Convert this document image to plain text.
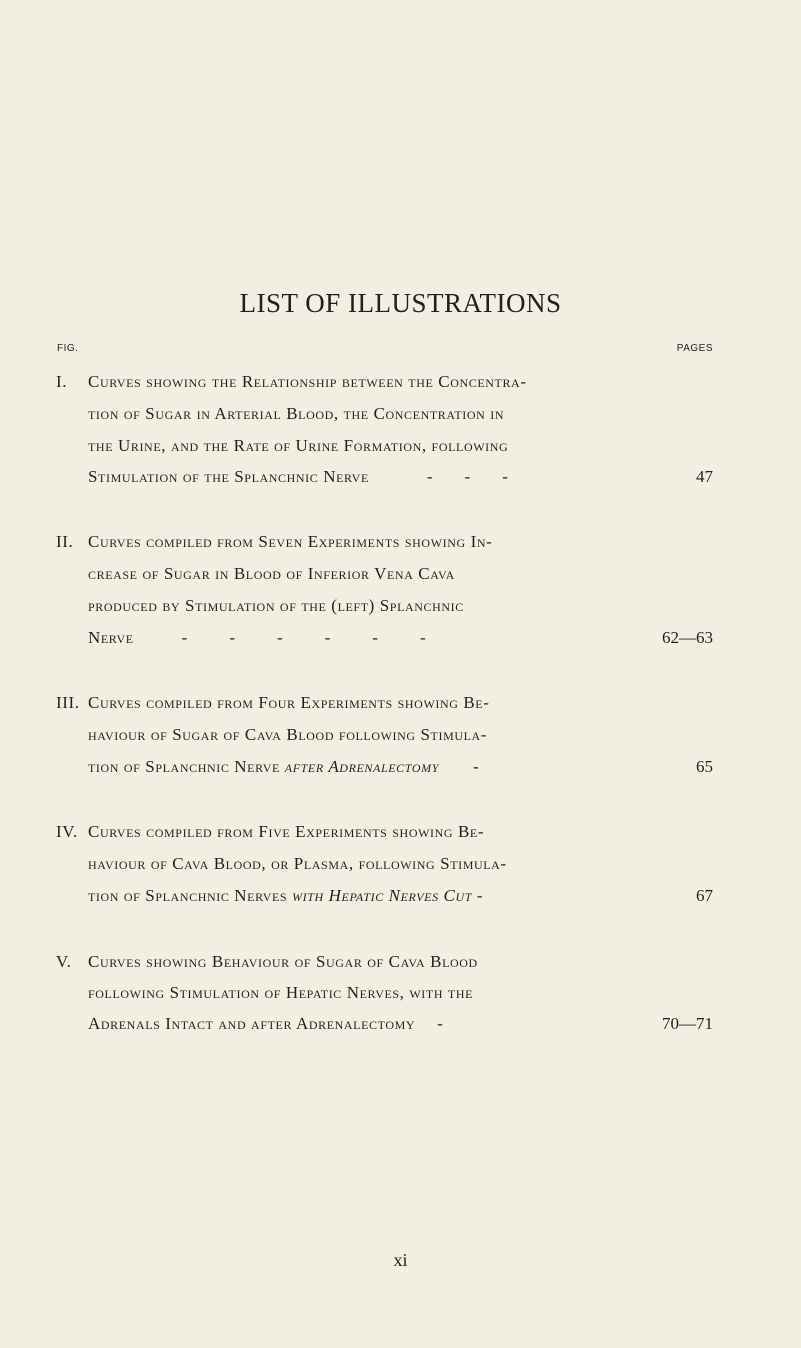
LIST OF ILLUSTRATIONS
FIG.	PAGES
I. Curves showing the Relationship between the Concentra-
tion of Sugar in Arterial Blood, the Concentration in
the Urine, and the Rate of Urine Formation, following
Stimulation of the Splanchnic Nerve	---	47
II. Curves compiled from Seven Experiments showing In-
crease of Sugar in Blood of Inferior Vena Cava
produced by Stimulation of the (left) Splanchnic
Nerve	------	62—63
III. Curves compiled from Four Experiments showing Be-
haviour of Sugar of Cava Blood following Stimula-
tion of Splanchnic Nerve after Adrenalectomy -	65
IV. Curves compiled from Five Experiments showing Be-
haviour of Cava Blood, or Plasma, following Stimula-
tion of Splanchnic Nerves with Hepatic Nerves Cut -	67
V. Curves showing Behaviour of Sugar of Cava Blood
following Stimulation of Hepatic Nerves, with the
Adrenals Intact and after Adrenalectomy -	70—71
xi
